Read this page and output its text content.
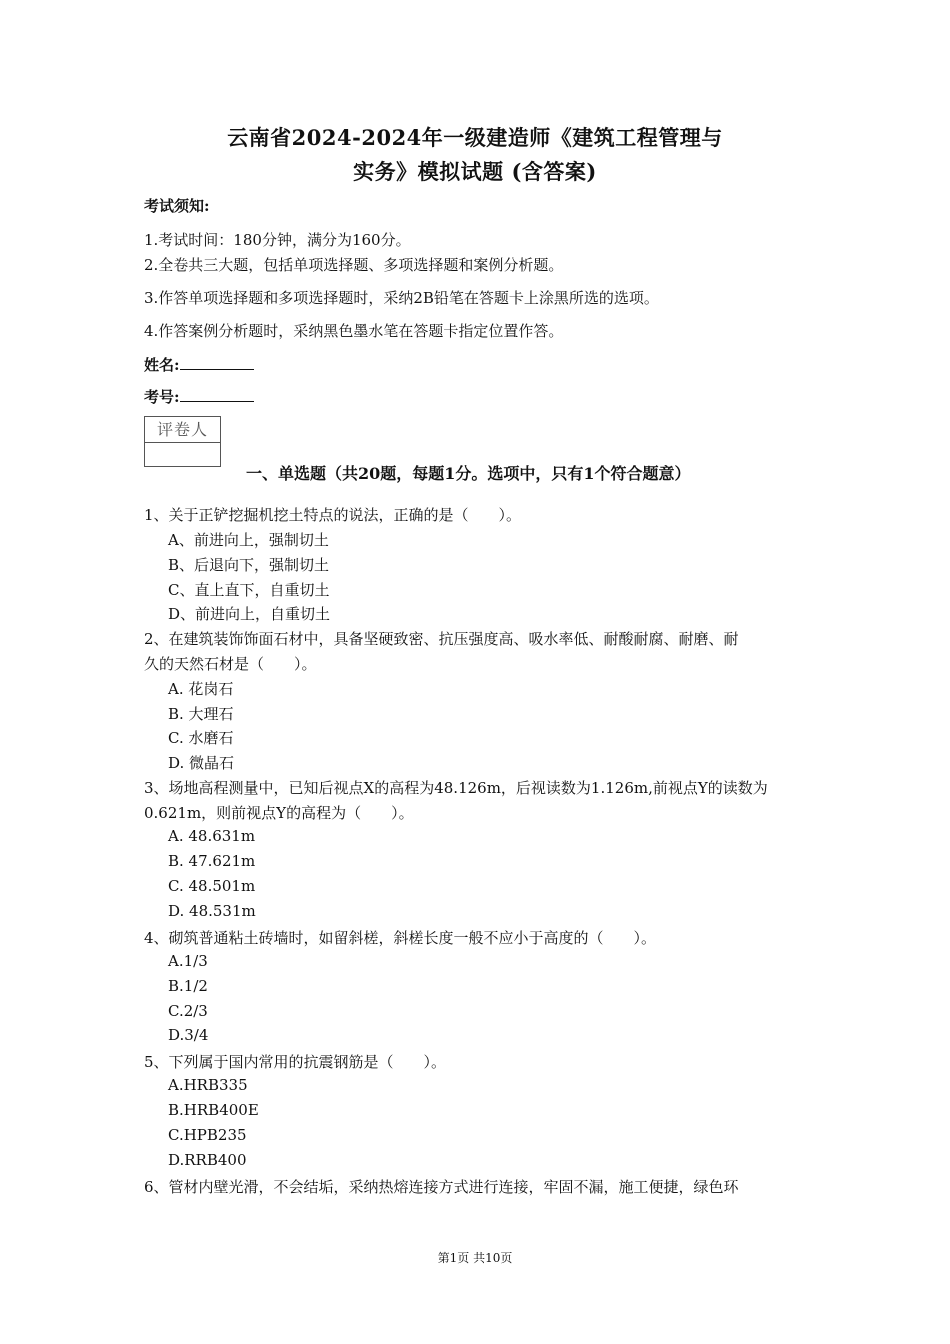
云南省2024-2024年一级建造师《建筑工程管理与
实务》模拟试题 (含答案)
考试须知:
1.考试时间：180分钟，满分为160分。
2.全卷共三大题，包括单项选择题、多项选择题和案例分析题。
3.作答单项选择题和多项选择题时，采纳2B铅笔在答题卡上涂黑所选的选项。
4.作答案例分析题时，采纳黑色墨水笔在答题卡指定位置作答。
姓名:
考号:
评卷人
一、单选题（共20题，每题1分。选项中，只有1个符合题意）
1、关于正铲挖掘机挖土特点的说法，正确的是（　　）。
A、前进向上，强制切土
B、后退向下，强制切土
C、直上直下，自重切土
D、前进向上，自重切土
2、在建筑装饰饰面石材中，具备坚硬致密、抗压强度高、吸水率低、耐酸耐腐、耐磨、耐
久的天然石材是（　　）。
A. 花岗石
B. 大理石
C. 水磨石
D. 微晶石
3、场地高程测量中，已知后视点X的高程为48.126m，后视读数为1.126m,前视点Y的读数为
0.621m，则前视点Y的高程为（　　）。
A. 48.631m
B. 47.621m
C. 48.501m
D. 48.531m
4、砌筑普通粘土砖墙时，如留斜槎，斜槎长度一般不应小于高度的（　　）。
A.1/3
B.1/2
C.2/3
D.3/4
5、下列属于国内常用的抗震钢筋是（　　）。
A.HRB335
B.HRB400E
C.HPB235
D.RRB400
6、管材内壁光滑，不会结垢，采纳热熔连接方式进行连接，牢固不漏，施工便捷，绿色环
第1页 共10页
